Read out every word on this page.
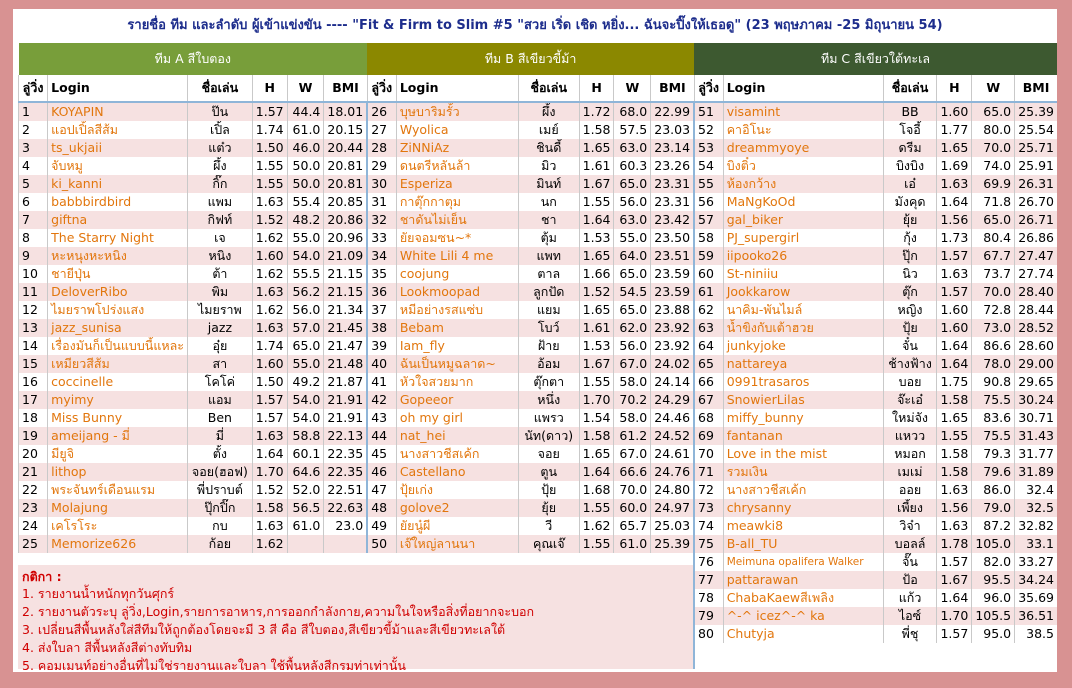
รายชื่อ ทีม และลำดับ ผู้เข้าแข่งขัน ---- "Fit & Firm to Slim #5 "สวย เริ่ด เชิด หยิ่ง... ฉันจะปิ๊งให้เธอดู" (23 พฤษภาคม -25 มิถุนายน 54)
ทีม A สีใบตอง						ทีม B สีเขียวขี้ม้า						ทีม C สีเขียวใต้ทะเล					
ลู่วิ่ง	Login	ชื่อเล่น	H	W	BMI	ลู่วิ่ง	Login	ชื่อเล่น	H	W	BMI	ลู่วิ่ง	Login	ชื่อเล่น	H	W	BMI
1	KOYAPIN	ป๊น	1.57	44.4	18.01	26	บุษบาริมรั้ว	ผึ้ง	1.72	68.0	22.99	51	visamint	BB	1.60	65.0	25.39
2	แอปเปิ้ลสีส้ม	เปิ้ล	1.74	61.0	20.15	27	Wyolica	เมย์	1.58	57.5	23.03	52	คาอิโนะ	โจอี้	1.77	80.0	25.54
3	ts_ukjaii	แต๋ว	1.50	46.0	20.44	28	ZiNNiAz	ชินดี้	1.65	63.0	23.14	53	dreammyoye	ดรีม	1.65	70.0	25.71
4	จับหมู	ผึ้ง	1.55	50.0	20.81	29	ดนตรีหลันล้า	มิว	1.61	60.3	23.26	54	บิงติ๋ว	บิงบิง	1.69	74.0	25.91
5	ki_kanni	กิ๊ก	1.55	50.0	20.81	30	Esperiza	มินท์	1.67	65.0	23.31	55	ห้องกว้าง	เอ๋	1.63	69.9	26.31
6	babbbirdbird	แพม	1.63	55.4	20.85	31	กาตุ๊กกาตุม	นก	1.55	56.0	23.31	56	MaNgKoOd	มังคุด	1.64	71.8	26.70
7	giftna	กิฟท์	1.52	48.2	20.86	32	ชาดันไม่เย็น	ชา	1.64	63.0	23.42	57	gal_biker	ยุ้ย	1.56	65.0	26.71
8	The Starry Night	เจ	1.62	55.0	20.96	33	ยัยจอมซน~*	ตุ้ม	1.53	55.0	23.50	58	PJ_supergirl	กุ้ง	1.73	80.4	26.86
9	หะหนุงหะหนิง	หนิง	1.60	54.0	21.09	34	White Lili 4 me	แพท	1.65	64.0	23.51	59	iipooko26	ปุ๊ก	1.57	67.7	27.47
10	ชายีปุ่น	ต้า	1.62	55.5	21.15	35	coojung	ตาล	1.66	65.0	23.59	60	St-niniiu	นิว	1.63	73.7	27.74
11	DeloverRibo	พิม	1.63	56.2	21.15	36	Lookmoopad	ลูกปัด	1.52	54.5	23.59	61	Jookkarow	ตุ๊ก	1.57	70.0	28.40
12	ไมยราพโปร่งแสง	ไมยราพ	1.62	56.0	21.34	37	หมีอย่างรสแซ่บ	แยม	1.65	65.0	23.88	62	นาคิม-พันไมล์	หญิง	1.60	72.8	28.44
13	jazz_sunisa	jazz	1.63	57.0	21.45	38	Bebam	โบว์	1.61	62.0	23.92	63	น้ำขิงกับเต้าฮวย	ปุ้ย	1.60	73.0	28.52
14	เรื่องมันก็เป็นแบบนี้แหละ	อุ๋ย	1.74	65.0	21.47	39	Iam_fly	ฝ้าย	1.53	56.0	23.92	64	junkyjoke	จั๋น	1.64	86.6	28.60
15	เหมียวสีส้ม	สา	1.60	55.0	21.48	40	ฉันเป็นหมูฉลาด~	อ้อม	1.67	67.0	24.02	65	nattareya	ช้างฟ้าง	1.64	78.0	29.00
16	coccinelle	โคโค่	1.50	49.2	21.87	41	หัวใจสวยมาก	ตุ๊กตา	1.55	58.0	24.14	66	0991trasaros	บอย	1.75	90.8	29.65
17	myimy	แอม	1.57	54.0	21.91	42	Gopeeor	หนึ่ง	1.70	70.2	24.29	67	SnowierLilas	จ๊ะเอ๋	1.58	75.5	30.24
18	Miss Bunny	Ben	1.57	54.0	21.91	43	oh my girl	แพรว	1.54	58.0	24.46	68	miffy_bunny	ใหม่จัง	1.65	83.6	30.71
19	ameijang - มี่	มี่	1.63	58.8	22.13	44	nat_hei	นัท(ดาว)	1.58	61.2	24.52	69	fantanan	แหวว	1.55	75.5	31.43
20	มียูจิ	ตั้ง	1.64	60.1	22.35	45	นางสาวชีสเค้ก	จอย	1.65	67.0	24.61	70	Love in the mist	หมอก	1.58	79.3	31.77
21	lithop	จอย(ฮอฟ)	1.70	64.6	22.35	46	Castellano	ตูน	1.64	66.6	24.76	71	รวมเงิน	เมเม่	1.58	79.6	31.89
22	พระจันทร์เดือนแรม	พี่ปราบต์	1.52	52.0	22.51	47	ปุ้ยเก่ง	ปุ้ย	1.68	70.0	24.80	72	นางสาวชีสเค้ก	ออย	1.63	86.0	32.4
23	Molajung	ปุ๊กปิ๊ก	1.58	56.5	22.63	48	golove2	ยุ้ย	1.55	60.0	24.97	73	chrysanny	เพี้ยง	1.56	79.0	32.5
24	เคโรโระ	กบ	1.63	61.0	23.0	49	ยัยนู๋ผี	วี	1.62	65.7	25.03	74	meawki8	วิจ๋า	1.63	87.2	32.82
25	Memorize626	ก้อย	1.62			50	เจ๊ใหญ่ลานนา	คุณเจ๊	1.55	61.0	25.39	75	B-all_TU	บอลล์	1.78	105.0	33.1
												76	Meimuna opalifera Walker	จั๊น	1.57	82.0	33.27
												77	pattarawan	ป้อ	1.67	95.5	34.24
												78	ChabaKaewสีเพลิง	แก้ว	1.64	96.0	35.69
												79	^-^ icez^-^ ka	ไอซ์	1.70	105.5	36.51
												80	Chutyja	พี่ชุ	1.57	95.0	38.5
กติกา :
1. รายงานน้ำหนักทุกวันศุกร์
2. รายงานตัวระบุ ลู่วิ่ง,Login,รายการอาหาร,การออกกำลังกาย,ความในใจหรือสิ่งที่อยากจะบอก
3. เปลี่ยนสีพื้นหลังใส่สีทีมให้ถูกต้องโดยจะมี 3 สี คือ สีใบตอง,สีเขียวขี้ม้าและสีเขียวทะเลใต้
4. ส่งใบลา สีพื้นหลังสีต่างทับทิม
5. คอมเมนท์อย่างอื่นที่ไม่ใช่รายงานและใบลา ใช้พื้นหลังสีกรมท่าเท่านั้น
